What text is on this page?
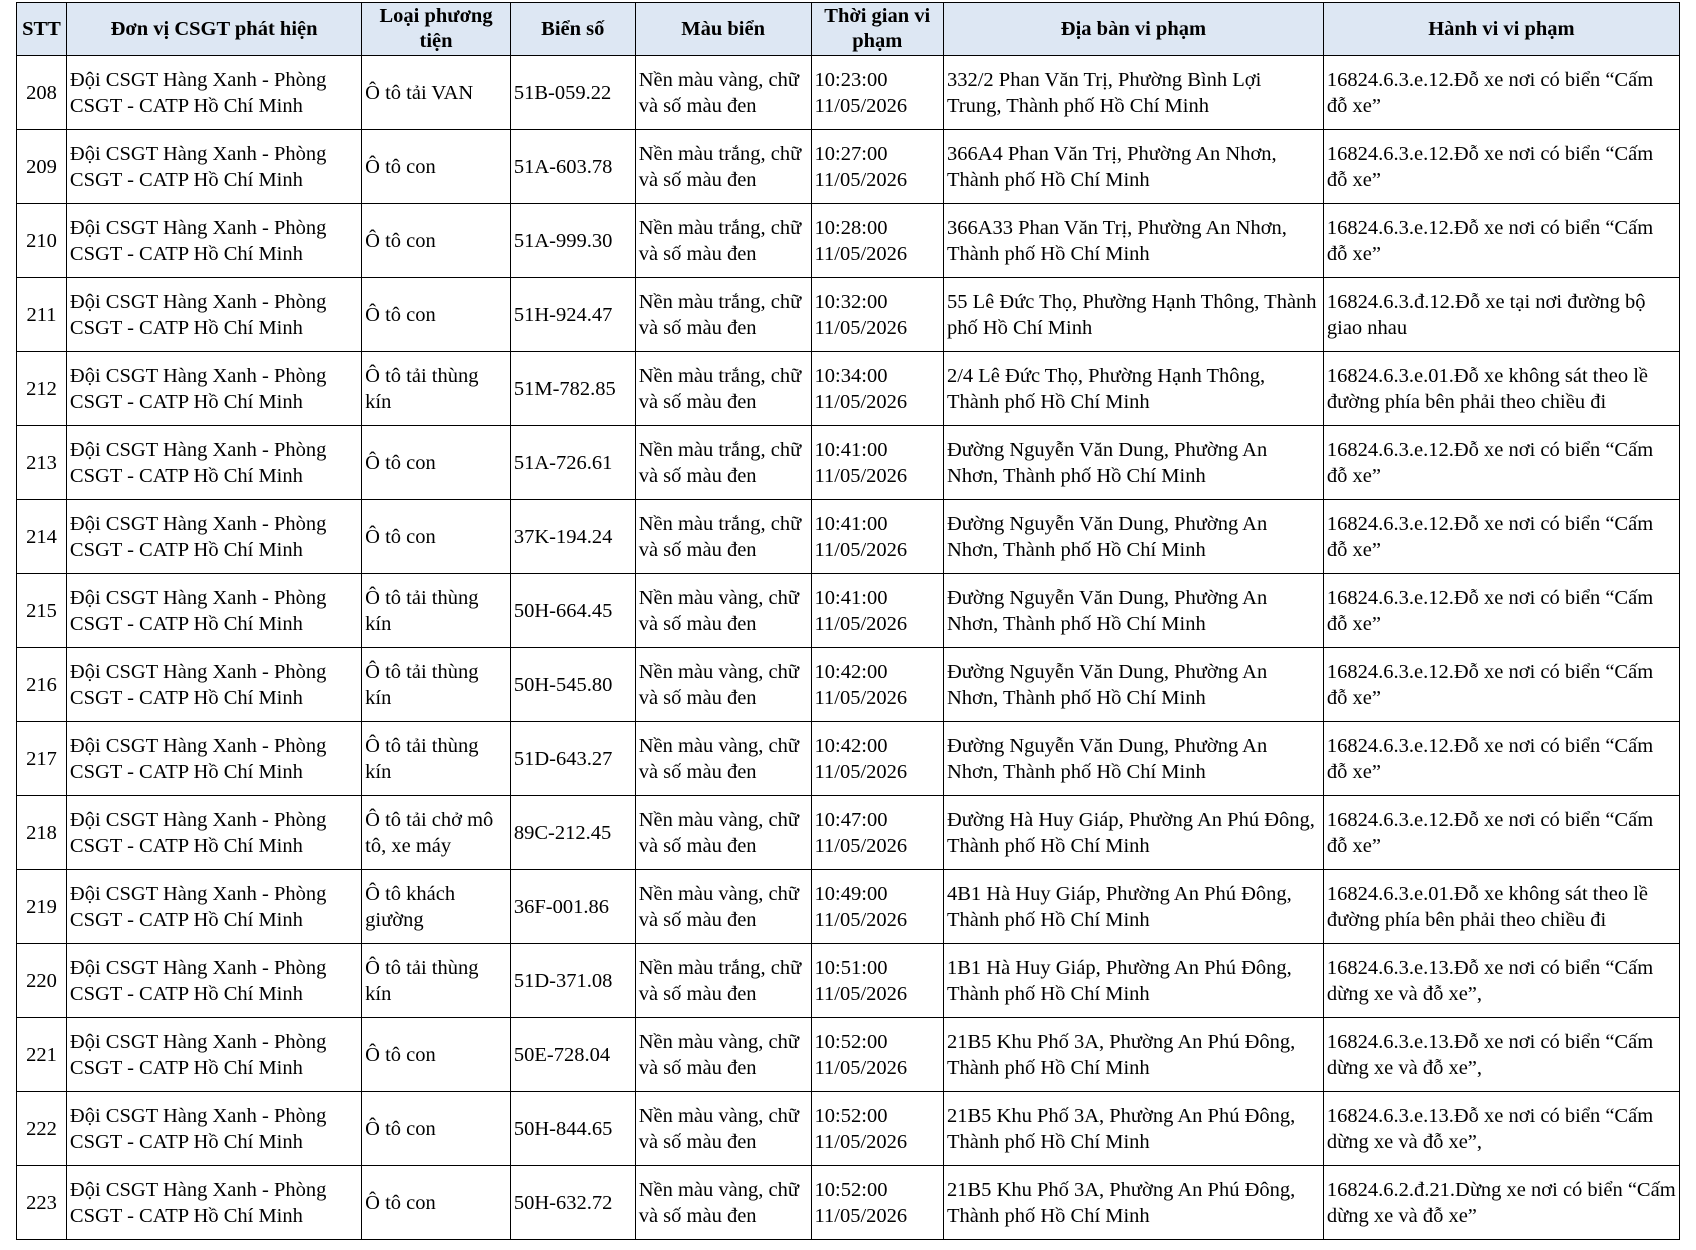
STT	Đơn vị CSGT phát hiện	Loại phương tiện	Biển số	Màu biển	Thời gian vi phạm	Địa bàn vi phạm	Hành vi vi phạm
208	Đội CSGT Hàng Xanh - Phòng CSGT - CATP Hồ Chí Minh	Ô tô tải VAN	51B-059.22	Nền màu vàng, chữ và số màu đen	10:23:00 11/05/2026	332/2 Phan Văn Trị, Phường Bình Lợi Trung, Thành phố Hồ Chí Minh	16824.6.3.e.12.Đỗ xe nơi có biển “Cấm đỗ xe”
209	Đội CSGT Hàng Xanh - Phòng CSGT - CATP Hồ Chí Minh	Ô tô con	51A-603.78	Nền màu trắng, chữ và số màu đen	10:27:00 11/05/2026	366A4 Phan Văn Trị, Phường An Nhơn, Thành phố Hồ Chí Minh	16824.6.3.e.12.Đỗ xe nơi có biển “Cấm đỗ xe”
210	Đội CSGT Hàng Xanh - Phòng CSGT - CATP Hồ Chí Minh	Ô tô con	51A-999.30	Nền màu trắng, chữ và số màu đen	10:28:00 11/05/2026	366A33 Phan Văn Trị, Phường An Nhơn, Thành phố Hồ Chí Minh	16824.6.3.e.12.Đỗ xe nơi có biển “Cấm đỗ xe”
211	Đội CSGT Hàng Xanh - Phòng CSGT - CATP Hồ Chí Minh	Ô tô con	51H-924.47	Nền màu trắng, chữ và số màu đen	10:32:00 11/05/2026	55 Lê Đức Thọ, Phường Hạnh Thông, Thành phố Hồ Chí Minh	16824.6.3.đ.12.Đỗ xe tại nơi đường bộ giao nhau
212	Đội CSGT Hàng Xanh - Phòng CSGT - CATP Hồ Chí Minh	Ô tô tải thùng kín	51M-782.85	Nền màu trắng, chữ và số màu đen	10:34:00 11/05/2026	2/4 Lê Đức Thọ, Phường Hạnh Thông, Thành phố Hồ Chí Minh	16824.6.3.e.01.Đỗ xe không sát theo lề đường phía bên phải theo chiều đi
213	Đội CSGT Hàng Xanh - Phòng CSGT - CATP Hồ Chí Minh	Ô tô con	51A-726.61	Nền màu trắng, chữ và số màu đen	10:41:00 11/05/2026	Đường Nguyễn Văn Dung, Phường An Nhơn, Thành phố Hồ Chí Minh	16824.6.3.e.12.Đỗ xe nơi có biển “Cấm đỗ xe”
214	Đội CSGT Hàng Xanh - Phòng CSGT - CATP Hồ Chí Minh	Ô tô con	37K-194.24	Nền màu trắng, chữ và số màu đen	10:41:00 11/05/2026	Đường Nguyễn Văn Dung, Phường An Nhơn, Thành phố Hồ Chí Minh	16824.6.3.e.12.Đỗ xe nơi có biển “Cấm đỗ xe”
215	Đội CSGT Hàng Xanh - Phòng CSGT - CATP Hồ Chí Minh	Ô tô tải thùng kín	50H-664.45	Nền màu vàng, chữ và số màu đen	10:41:00 11/05/2026	Đường Nguyễn Văn Dung, Phường An Nhơn, Thành phố Hồ Chí Minh	16824.6.3.e.12.Đỗ xe nơi có biển “Cấm đỗ xe”
216	Đội CSGT Hàng Xanh - Phòng CSGT - CATP Hồ Chí Minh	Ô tô tải thùng kín	50H-545.80	Nền màu vàng, chữ và số màu đen	10:42:00 11/05/2026	Đường Nguyễn Văn Dung, Phường An Nhơn, Thành phố Hồ Chí Minh	16824.6.3.e.12.Đỗ xe nơi có biển “Cấm đỗ xe”
217	Đội CSGT Hàng Xanh - Phòng CSGT - CATP Hồ Chí Minh	Ô tô tải thùng kín	51D-643.27	Nền màu vàng, chữ và số màu đen	10:42:00 11/05/2026	Đường Nguyễn Văn Dung, Phường An Nhơn, Thành phố Hồ Chí Minh	16824.6.3.e.12.Đỗ xe nơi có biển “Cấm đỗ xe”
218	Đội CSGT Hàng Xanh - Phòng CSGT - CATP Hồ Chí Minh	Ô tô tải chở mô tô, xe máy	89C-212.45	Nền màu vàng, chữ và số màu đen	10:47:00 11/05/2026	Đường Hà Huy Giáp, Phường An Phú Đông, Thành phố Hồ Chí Minh	16824.6.3.e.12.Đỗ xe nơi có biển “Cấm đỗ xe”
219	Đội CSGT Hàng Xanh - Phòng CSGT - CATP Hồ Chí Minh	Ô tô khách giường	36F-001.86	Nền màu vàng, chữ và số màu đen	10:49:00 11/05/2026	4B1 Hà Huy Giáp, Phường An Phú Đông, Thành phố Hồ Chí Minh	16824.6.3.e.01.Đỗ xe không sát theo lề đường phía bên phải theo chiều đi
220	Đội CSGT Hàng Xanh - Phòng CSGT - CATP Hồ Chí Minh	Ô tô tải thùng kín	51D-371.08	Nền màu trắng, chữ và số màu đen	10:51:00 11/05/2026	1B1 Hà Huy Giáp, Phường An Phú Đông, Thành phố Hồ Chí Minh	16824.6.3.e.13.Đỗ xe nơi có biển “Cấm dừng xe và đỗ xe”,
221	Đội CSGT Hàng Xanh - Phòng CSGT - CATP Hồ Chí Minh	Ô tô con	50E-728.04	Nền màu vàng, chữ và số màu đen	10:52:00 11/05/2026	21B5 Khu Phố 3A, Phường An Phú Đông, Thành phố Hồ Chí Minh	16824.6.3.e.13.Đỗ xe nơi có biển “Cấm dừng xe và đỗ xe”,
222	Đội CSGT Hàng Xanh - Phòng CSGT - CATP Hồ Chí Minh	Ô tô con	50H-844.65	Nền màu vàng, chữ và số màu đen	10:52:00 11/05/2026	21B5 Khu Phố 3A, Phường An Phú Đông, Thành phố Hồ Chí Minh	16824.6.3.e.13.Đỗ xe nơi có biển “Cấm dừng xe và đỗ xe”,
223	Đội CSGT Hàng Xanh - Phòng CSGT - CATP Hồ Chí Minh	Ô tô con	50H-632.72	Nền màu vàng, chữ và số màu đen	10:52:00 11/05/2026	21B5 Khu Phố 3A, Phường An Phú Đông, Thành phố Hồ Chí Minh	16824.6.2.đ.21.Dừng xe nơi có biển “Cấm dừng xe và đỗ xe”
